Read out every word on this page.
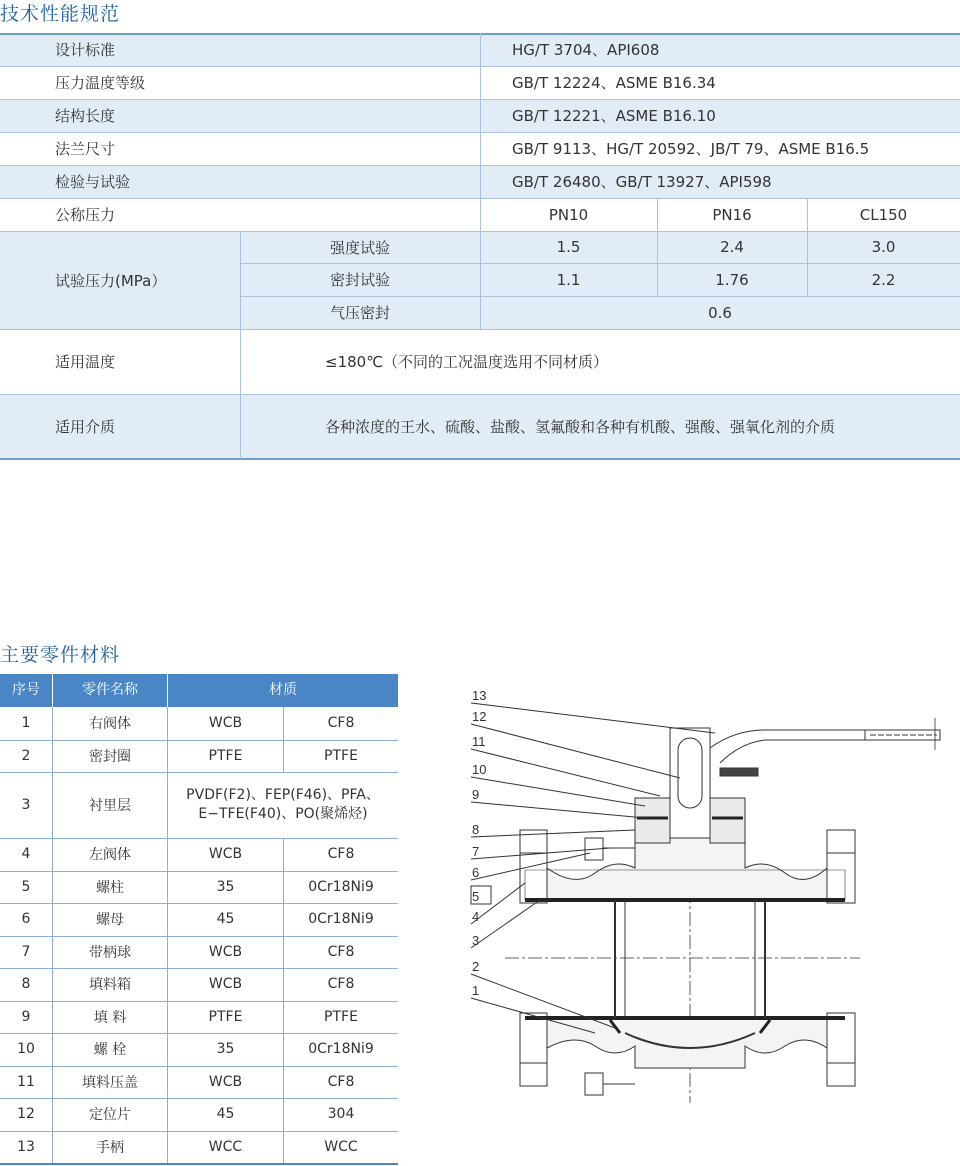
技术性能规范
设计标准	HG/T 3704、API608
压力温度等级	GB/T 12224、ASME B16.34
结构长度	GB/T 12221、ASME B16.10
法兰尺寸	GB/T 9113、HG/T 20592、JB/T 79、ASME B16.5
检验与试验	GB/T 26480、GB/T 13927、API598
公称压力	PN10	PN16	CL150
试验压力(MPa）
强度试验	1.5	2.4	3.0
密封试验	1.1	1.76	2.2
气压密封	0.6
适用温度	≤180℃（不同的工况温度选用不同材质）
适用介质	各种浓度的王水、硫酸、盐酸、氢氟酸和各种有机酸、强酸、强氧化剂的介质
主要零件材料
序号	零件名称	材质
1	右阀体	WCB	CF8
2	密封圈	PTFE	PTFE
3	衬里层
PVDF(F2)、FEP(F46)、PFA、
E−TFE(F40)、PO(聚烯烃)
4	左阀体	WCB	CF8
5	螺柱	35	0Cr18Ni9
6	螺母	45	0Cr18Ni9
7	带柄球	WCB	CF8
8	填料箱	WCB	CF8
9	填 料	PTFE	PTFE
10	螺 栓	35	0Cr18Ni9
11	填料压盖	WCB	CF8
12	定位片	45	304
13	手柄	WCC	WCC
13
12
11
10
9
8
7
6
5
4
3
2
1
